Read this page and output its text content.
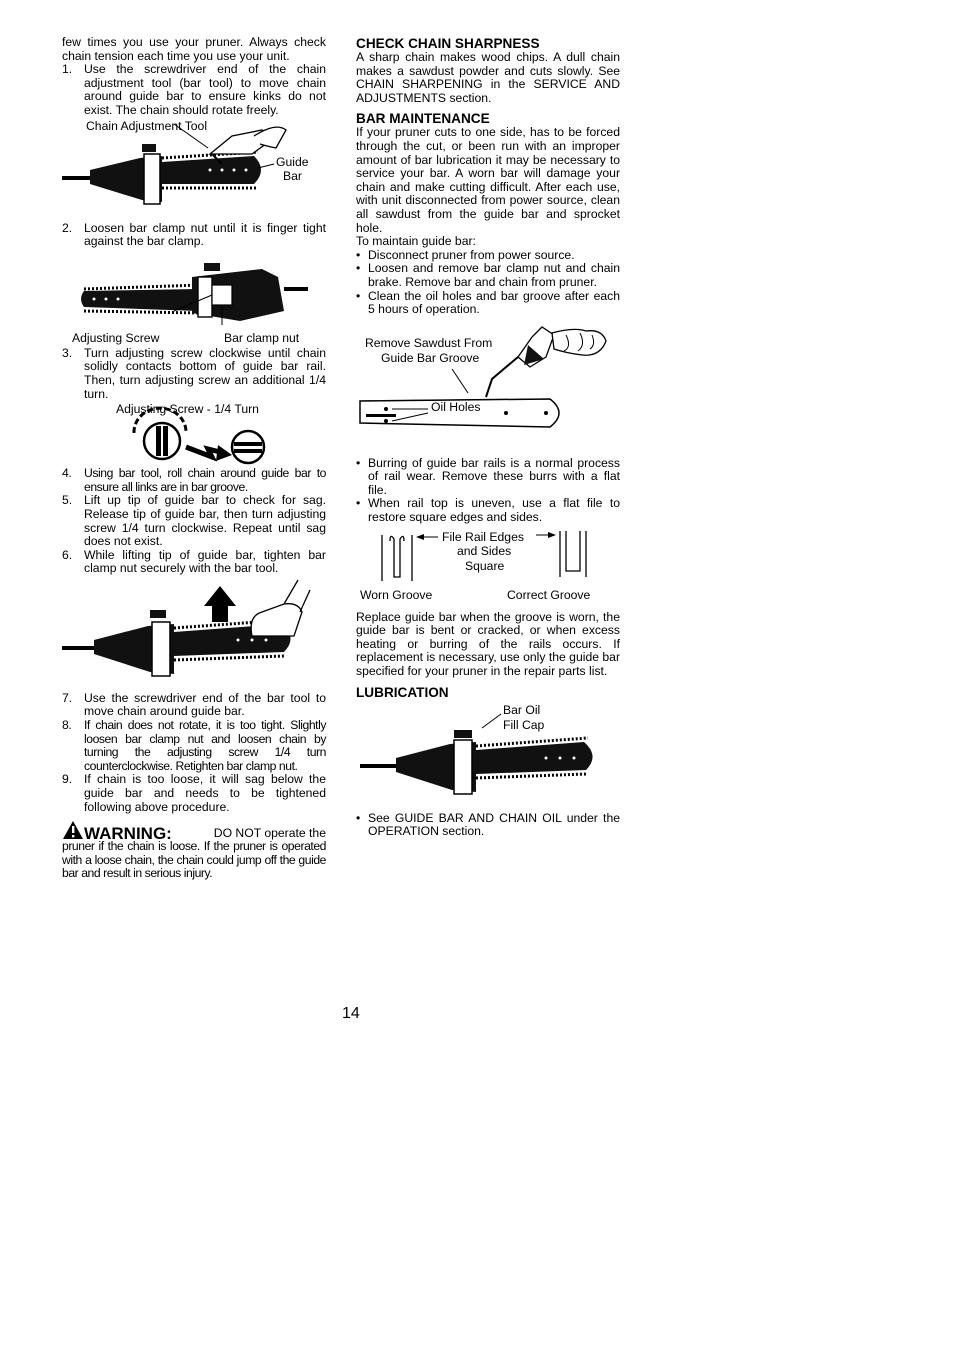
few times you use your pruner. Always check chain tension each time you use your unit.

1. Use the screwdriver end of the chain adjustment tool (bar tool) to move chain around guide bar to ensure kinks do not exist. The chain should rotate freely.
Chain Adjustment Tool
Guide
Bar
2. Loosen bar clamp nut until it is finger tight against the bar clamp.
Adjusting Screw	Bar clamp nut
3. Turn adjusting screw clockwise until chain solidly contacts bottom of guide bar rail. Then, turn adjusting screw an additional 1/4 turn.
Adjusting Screw - 1/4 Turn
4.	Using bar tool, roll chain around guide bar to ensure all links are in bar groove.
5. Lift up tip of guide bar to check for sag. Release tip of guide bar, then turn adjusting screw 1/4 turn clockwise. Repeat until sag does not exist.
6. While lifting tip of guide bar, tighten bar clamp nut securely with the bar tool.
7. Use the screwdriver end of the bar tool to move chain around guide bar.
8.	If chain does not rotate, it is too tight. Slightly loosen bar clamp nut and loosen chain by turning the adjusting screw 1/4 turn counterclockwise. Retighten bar clamp nut.
9. If chain is too loose, it will sag below the guide bar and needs to be tightened following above procedure.
WARNING:	DO NOT operate the

pruner if the chain is loose. If the pruner is operated with a loose chain, the chain could jump off the guide bar and result in serious injury.

CHECK CHAIN SHARPNESS

A sharp chain makes wood chips. A dull chain makes a sawdust powder and cuts slowly. See CHAIN SHARPENING in the SERVICE AND ADJUSTMENTS section.

BAR MAINTENANCE

If your pruner cuts to one side, has to be forced through the cut, or been run with an improper amount of bar lubrication it may be necessary to service your bar. A worn bar will damage your chain and make cutting difficult. After each use, with unit disconnected from power source, clean all sawdust from the guide bar and sprocket hole.

To maintain guide bar:

• Disconnect pruner from power source.
• Loosen and remove bar clamp nut and chain brake. Remove bar and chain from pruner.
• Clean the oil holes and bar groove after each 5 hours of operation.
Remove Sawdust From
Guide Bar Groove
Oil Holes
• Burring of guide bar rails is a normal process of rail wear. Remove these burrs with a flat file.
• When rail top is uneven, use a flat file to restore square edges and sides.
File Rail Edges
and Sides
Square
Worn Groove	Correct Groove

Replace guide bar when the groove is worn, the guide bar is bent or cracked, or when excess heating or burring of the rails occurs. If replacement is necessary, use only the guide bar specified for your pruner in the repair parts list.

LUBRICATION
Bar Oil
Fill Cap
• See GUIDE BAR AND CHAIN OIL under the OPERATION section.
14
